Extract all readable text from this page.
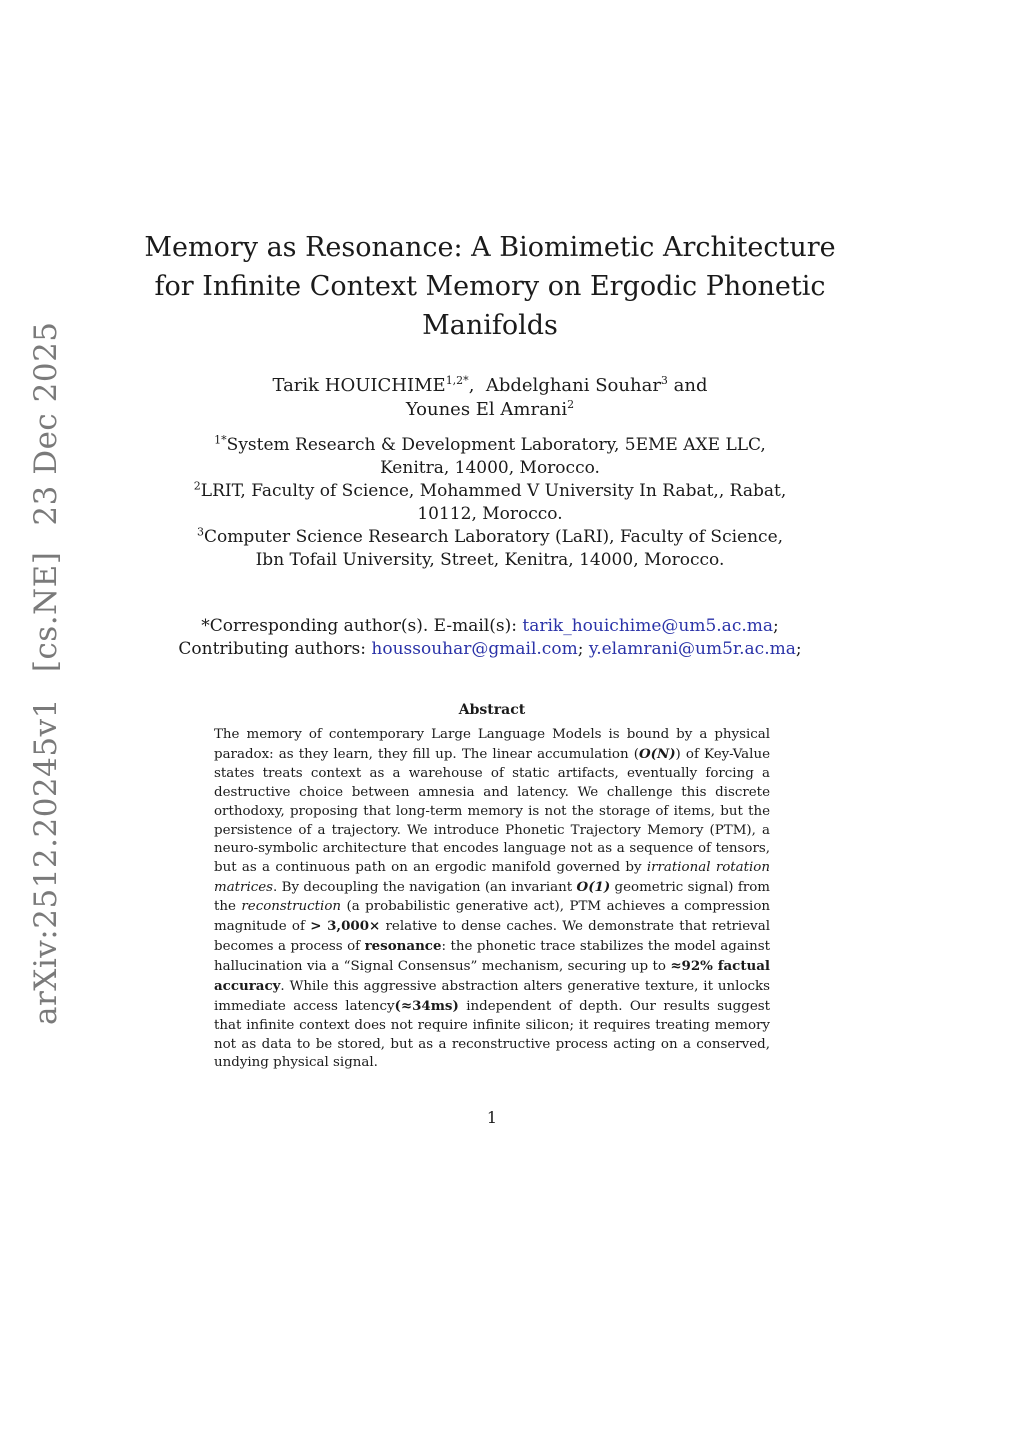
arXiv:2512.20245v1[cs.NE]23 Dec 2025
Memory as Resonance: A Biomimetic Architecture
for Infinite Context Memory on Ergodic Phonetic
Manifolds
Tarik $HOUICHIME^{1,2*}$,  Abdelghani Souhar$^3$ and
Younes El Amrani$^2$

$^{1*}$System Research & Development Laboratory, 5EME AXE LLC, Kenitra, 14000, Morocco.

$^2$LRIT, Faculty of Science, Mohammed V University In Rabat,, Rabat, 10112, Morocco.

$^3$Computer Science Research Laboratory (LaRI), Faculty of Science, Ibn Tofail University, Street, Kenitra, 14000, Morocco.

*Corresponding author(s). E-mail(s): tarik_houichime@um5.ac.ma;
Contributing authors: houssouhar@gmail.com; y.elamrani@um5r.ac.ma;
Abstract
The memory of contemporary Large Language Models is bound by a physical paradox: as they learn, they fill up. The linear accumulation (O(N)) of Key-Value states treats context as a warehouse of static artifacts, eventually forcing a destructive choice between amnesia and latency. We challenge this discrete orthodoxy, proposing that long-term memory is not the storage of items, but the persistence of a trajectory. We introduce Phonetic Trajectory Memory (PTM), a neuro-symbolic architecture that encodes language not as a sequence of tensors, but as a continuous path on an ergodic manifold governed by irrational rotation matrices. By decoupling the navigation (an invariant O(1) geometric signal) from the reconstruction (a probabilistic generative act), PTM achieves a compression magnitude of > 3,000× relative to dense caches. We demonstrate that retrieval becomes a process of resonance: the phonetic trace stabilizes the model against hallucination via a “Signal Consensus” mechanism, securing up to ≈92% factual accuracy. While this aggressive abstraction alters generative texture, it unlocks immediate access latency(≈34ms) independent of depth. Our results suggest that infinite context does not require infinite silicon; it requires treating memory not as data to be stored, but as a reconstructive process acting on a conserved, undying physical signal.
1
